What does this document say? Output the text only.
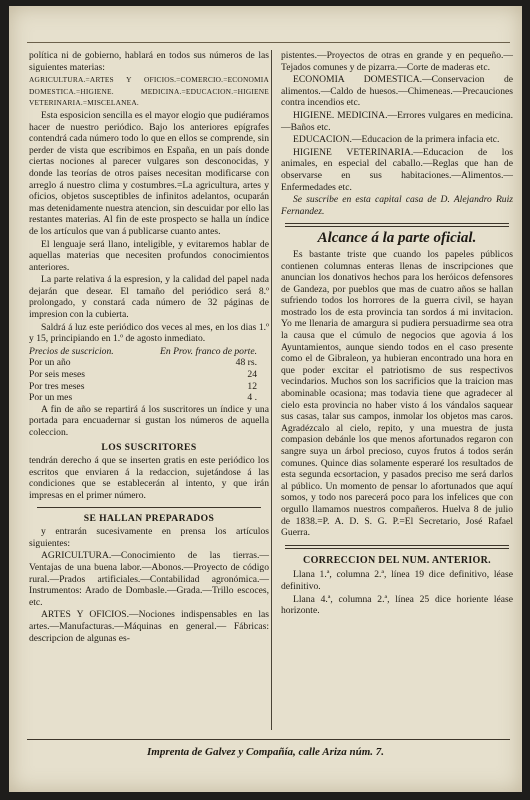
política ni de gobierno, hablará en todos sus números de las siguientes materias:

AGRICULTURA.=ARTES Y OFICIOS.=COMERCIO.=ECONOMIA DOMESTICA.=HIGIENE. MEDICINA.=EDUCACION.=HIGIENE VETERINARIA.=MISCELANEA.

Esta esposicion sencilla es el mayor elogio que pudiéramos hacer de nuestro periódico. Bajo los anteriores epígrafes contendrá cada número todo lo que en ellos se comprende, sin perder de vista que escribimos en España, en un país donde ciertas nociones al parecer vulgares son desconocidas, y donde las teorías de otros paises necesitan modificarse con arreglo á nuestro clima y costumbres.=La agricultura, artes y oficios, objetos susceptibles de infinitos adelantos, ocuparán mas detenidamente nuestra atencion, sin descuidar por ello las restantes materias. Al fin de este prospecto se halla un índice de los artículos que van á publicarse cuanto antes.

El lenguaje será llano, inteligible, y evitaremos hablar de aquellas materias que necesiten profundos conocimientos anteriores.

La parte relativa á la espresion, y la calidad del papel nada dejarán que desear. El tamaño del periódico será 8.º prolongado, y constará cada número de 32 páginas de impresion con la cubierta.

Saldrá á luz este periódico dos veces al mes, en los dias 1.º y 15, principiando en 1.º de agosto inmediato.

Precios de suscricion.	En Prov. franco de porte.
Por un año	48 rs.
Por seis meses	24
Por tres meses	12
Por un mes	4 .

A fin de año se repartirá á los suscritores un índice y una portada para encuadernar si gustan los números de aquella coleccion.

LOS SUSCRITORES

tendrán derecho á que se inserten gratis en este periódico los escritos que enviaren á la redaccion, sujetándose á las condiciones que se establecerán al intento, y que irán impresas en el primer número.

SE HALLAN PREPARADOS

y entrarán sucesivamente en prensa los artículos siguientes:

AGRICULTURA.—Conocimiento de las tierras.—Ventajas de una buena labor.—Abonos.—Proyecto de código rural.—Prados artificiales.—Contabilidad agronómica.—Instrumentos: Arado de Dombasle.—Grada.—Trillo escoces, etc.

ARTES Y OFICIOS.—Nociones indispensables en las artes.—Manufacturas.—Máquinas en general.— Fábricas: descripcion de algunas es-

pistentes.—Proyectos de otras en grande y en pequeño.—Tejados comunes y de pizarra.—Corte de maderas etc.

ECONOMIA DOMESTICA.—Conservacion de alimentos.—Caldo de huesos.—Chimeneas.—Precauciones contra incendios etc.

HIGIENE. MEDICINA.—Errores vulgares en medicina.—Baños etc.

EDUCACION.—Educacion de la primera infacia etc.

HIGIENE VETERINARIA.—Educacion de los animales, en especial del caballo.—Reglas que han de observarse en sus habitaciones.—Alimentos.—Enfermedades etc.

Se suscribe en esta capital casa de D. Alejandro Ruiz Fernandez.

Alcance á la parte oficial.

Es bastante triste que cuando los papeles públicos contienen columnas enteras llenas de inscripciones que anuncian los donativos hechos para los heróicos defensores de Gandeza, por pueblos que mas de cuatro años se hallan sufriendo todos los horrores de la guerra civil, se hayan mostrado los de esta provincia tan sordos á mi invitacion. Yo me llenaria de amargura si pudiera persuadirme sea otra la causa que el cúmulo de negocios que agovia á los Ayuntamientos, aunque siendo todos en el caso presente como el de Gibraleon, ya hubieran encontrado una hora en que poder excitar el patriotismo de sus respectivos vecindarios. Muchos son los sacrificios que la traicion mas abominable ocasiona; mas todavia tiene que agradecer al cielo esta provincia no haber visto á los vándalos saquear sus casas, talar sus campos, inmolar los objetos mas caros. Agradézcalo al cielo, repito, y una muestra de justa compasion debánle los que menos afortunados regaron con sangre suya un árbol precioso, cuyos frutos á todos serán comunes. Quince dias solamente esperaré los resultados de esta segunda ecsortacion, y pasados preciso me será darlos al público. Un momento de pensar lo afortunados que aquí somos, y todo nos parecerá poco para los infelices que con orgullo llamamos nuestros compañeros. Huelva 8 de julio de 1838.=P. A. D. S. G. P.=El Secretario, José Rafael Guerra.

CORRECCION DEL NUM. ANTERIOR.

Llana 1.ª, columna 2.ª, línea 19 dice definitivo, léase definitivo.

Llana 4.ª, columna 2.ª, línea 25 dice horiente léase horizonte.

Imprenta de Galvez y Compañía, calle Ariza núm. 7.
